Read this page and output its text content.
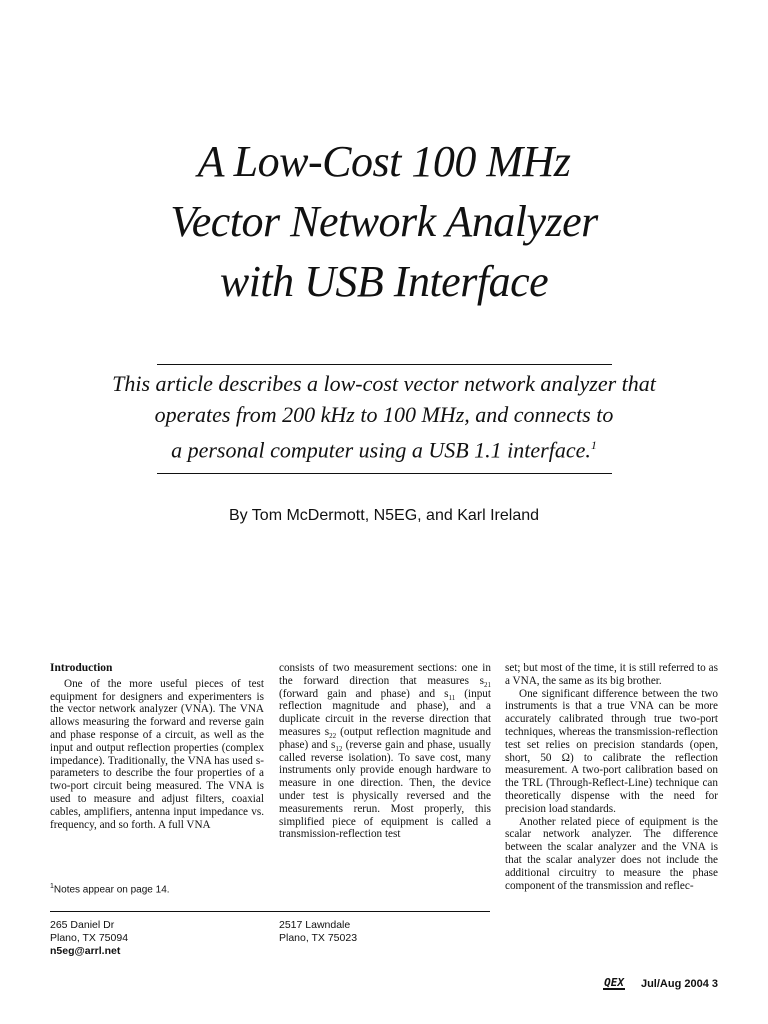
A Low-Cost 100 MHz
Vector Network Analyzer
with USB Interface

This article describes a low-cost vector network analyzer that
operates from 200 kHz to 100 MHz, and connects to
a personal computer using a USB 1.1 interface.$^1$

By Tom McDermott, N5EG, and Karl Ireland

Introduction

One of the more useful pieces of test equipment for designers and experimenters is the vector network analyzer (VNA). The VNA allows measuring the forward and reverse gain and phase response of a circuit, as well as the input and output reflection properties (complex impedance). Traditionally, the VNA has used s-parameters to describe the four properties of a two-port circuit being measured. The VNA is used to measure and adjust filters, coaxial cables, amplifiers, antenna input impedance vs. frequency, and so forth. A full VNA

consists of two measurement sections: one in the forward direction that measures $s_{21}$ (forward gain and phase) and $s_{11}$ (input reflection magnitude and phase), and a duplicate circuit in the reverse direction that measures $s_{22}$ (output reflection magnitude and phase) and $s_{12}$ (reverse gain and phase, usually called reverse isolation). To save cost, many instruments only provide enough hardware to measure in one direction. Then, the device under test is physically reversed and the measurements rerun. Most properly, this simplified piece of equipment is called a transmission-reflection test

set; but most of the time, it is still referred to as a VNA, the same as its big brother.

One significant difference between the two instruments is that a true VNA can be more accurately calibrated through true two-port techniques, whereas the transmission-reflection test set relies on precision standards (open, short, 50 Ω) to calibrate the reflection measurement. A two-port calibration based on the TRL (Through-Reflect-Line) technique can theoretically dispense with the need for precision load standards.

Another related piece of equipment is the scalar network analyzer. The difference between the scalar analyzer and the VNA is that the scalar analyzer does not include the additional circuitry to measure the phase component of the transmission and reflec-

$^1$Notes appear on page 14.

265 Daniel Dr
Plano, TX 75094
n5eg@arrl.net
2517 Lawndale
Plano, TX 75023
QEX Jul/Aug 2004 3
